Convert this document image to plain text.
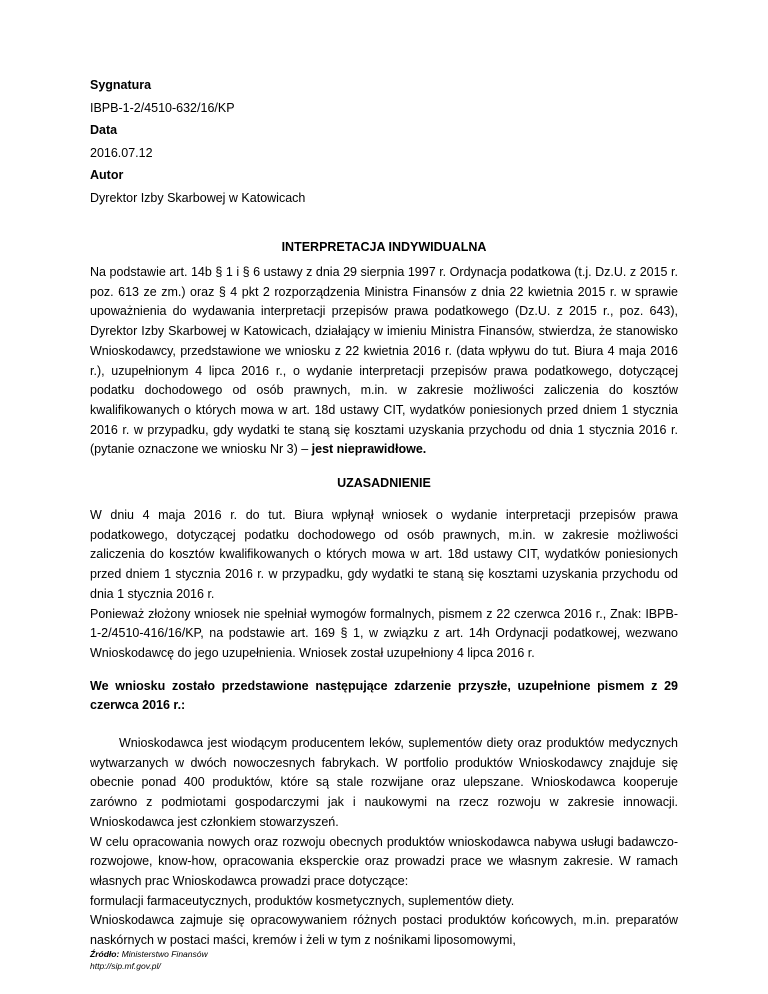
Sygnatura
IBPB-1-2/4510-632/16/KP
Data
2016.07.12
Autor
Dyrektor Izby Skarbowej w Katowicach
INTERPRETACJA INDYWIDUALNA

Na podstawie art. 14b § 1 i § 6 ustawy z dnia 29 sierpnia 1997 r. Ordynacja podatkowa (t.j. Dz.U. z 2015 r. poz. 613 ze zm.) oraz § 4 pkt 2 rozporządzenia Ministra Finansów z dnia 22 kwietnia 2015 r. w sprawie upoważnienia do wydawania interpretacji przepisów prawa podatkowego (Dz.U. z 2015 r., poz. 643), Dyrektor Izby Skarbowej w Katowicach, działający w imieniu Ministra Finansów, stwierdza, że stanowisko Wnioskodawcy, przedstawione we wniosku z 22 kwietnia 2016 r. (data wpływu do tut. Biura 4 maja 2016 r.), uzupełnionym 4 lipca 2016 r., o wydanie interpretacji przepisów prawa podatkowego, dotyczącej podatku dochodowego od osób prawnych, m.in. w zakresie możliwości zaliczenia do kosztów kwalifikowanych o których mowa w art. 18d ustawy CIT, wydatków poniesionych przed dniem 1 stycznia 2016 r. w przypadku, gdy wydatki te staną się kosztami uzyskania przychodu od dnia 1 stycznia 2016 r. (pytanie oznaczone we wniosku Nr 3) – jest nieprawidłowe.

UZASADNIENIE

W dniu 4 maja 2016 r. do tut. Biura wpłynął wniosek o wydanie interpretacji przepisów prawa podatkowego, dotyczącej podatku dochodowego od osób prawnych, m.in. w zakresie możliwości zaliczenia do kosztów kwalifikowanych o których mowa w art. 18d ustawy CIT, wydatków poniesionych przed dniem 1 stycznia 2016 r. w przypadku, gdy wydatki te staną się kosztami uzyskania przychodu od dnia 1 stycznia 2016 r.

Ponieważ złożony wniosek nie spełniał wymogów formalnych, pismem z 22 czerwca 2016 r., Znak: IBPB-1-2/4510-416/16/KP, na podstawie art. 169 § 1, w związku z art. 14h Ordynacji podatkowej, wezwano Wnioskodawcę do jego uzupełnienia. Wniosek został uzupełniony 4 lipca 2016 r.

We wniosku zostało przedstawione następujące zdarzenie przyszłe, uzupełnione pismem z 29 czerwca 2016 r.:

Wnioskodawca jest wiodącym producentem leków, suplementów diety oraz produktów medycznych wytwarzanych w dwóch nowoczesnych fabrykach. W portfolio produktów Wnioskodawcy znajduje się obecnie ponad 400 produktów, które są stale rozwijane oraz ulepszane. Wnioskodawca kooperuje zarówno z podmiotami gospodarczymi jak i naukowymi na rzecz rozwoju w zakresie innowacji. Wnioskodawca jest członkiem stowarzyszeń.

W celu opracowania nowych oraz rozwoju obecnych produktów wnioskodawca nabywa usługi badawczo-rozwojowe, know-how, opracowania eksperckie oraz prowadzi prace we własnym zakresie. W ramach własnych prac Wnioskodawca prowadzi prace dotyczące:

formulacji farmaceutycznych, produktów kosmetycznych, suplementów diety.

Wnioskodawca zajmuje się opracowywaniem różnych postaci produktów końcowych, m.in. preparatów naskórnych w postaci maści, kremów i żeli w tym z nośnikami liposomowymi,

Źródło: Ministerstwo Finansów
http://sip.mf.gov.pl/
